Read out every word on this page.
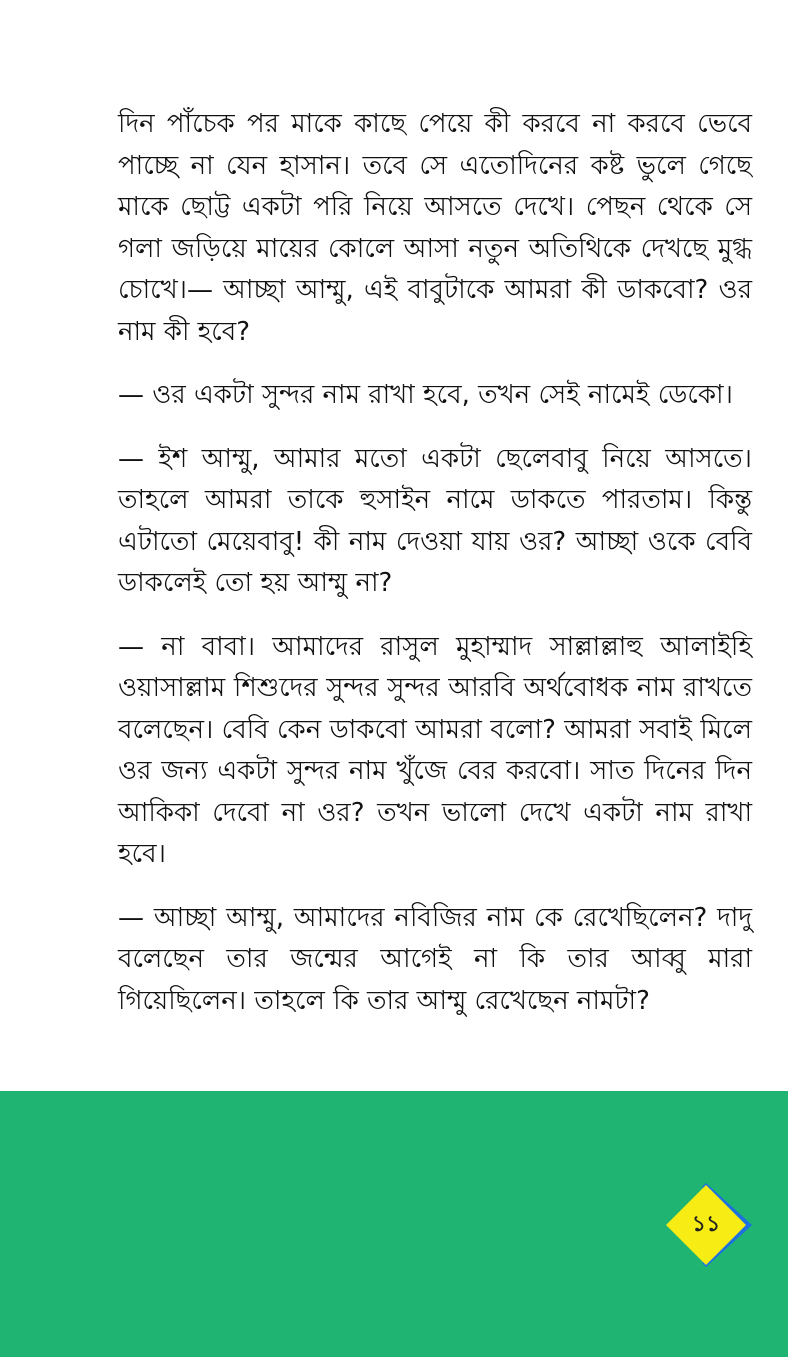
দিন পাঁচেক পর মাকে কাছে পেয়ে কী করবে না করবে ভেবে পাচ্ছে না যেন হাসান। তবে সে এতোদিনের কষ্ট ভুলে গেছে মাকে ছোট্ট একটা পরি নিয়ে আসতে দেখে। পেছন থেকে সে গলা জড়িয়ে মায়ের কোলে আসা নতুন অতিথিকে দেখছে মুগ্ধ চোখে।— আচ্ছা আম্মু, এই বাবুটাকে আমরা কী ডাকবো? ওর নাম কী হবে?

— ওর একটা সুন্দর নাম রাখা হবে, তখন সেই নামেই ডেকো।

— ইশ আম্মু, আমার মতো একটা ছেলেবাবু নিয়ে আসতে। তাহলে আমরা তাকে হুসাইন নামে ডাকতে পারতাম। কিন্তু এটাতো মেয়েবাবু! কী নাম দেওয়া যায় ওর? আচ্ছা ওকে বেবি ডাকলেই তো হয় আম্মু না?

— না বাবা। আমাদের রাসুল মুহাম্মাদ সাল্লাল্লাহু আলাইহি ওয়াসাল্লাম শিশুদের সুন্দর সুন্দর আরবি অর্থবোধক নাম রাখতে বলেছেন। বেবি কেন ডাকবো আমরা বলো? আমরা সবাই মিলে ওর জন্য একটা সুন্দর নাম খুঁজে বের করবো। সাত দিনের দিন আকিকা দেবো না ওর? তখন ভালো দেখে একটা নাম রাখা হবে।

— আচ্ছা আম্মু, আমাদের নবিজির নাম কে রেখেছিলেন? দাদু বলেছেন তার জন্মের আগেই না কি তার আব্বু মারা গিয়েছিলেন। তাহলে কি তার আম্মু রেখেছেন নামটা?

১১
